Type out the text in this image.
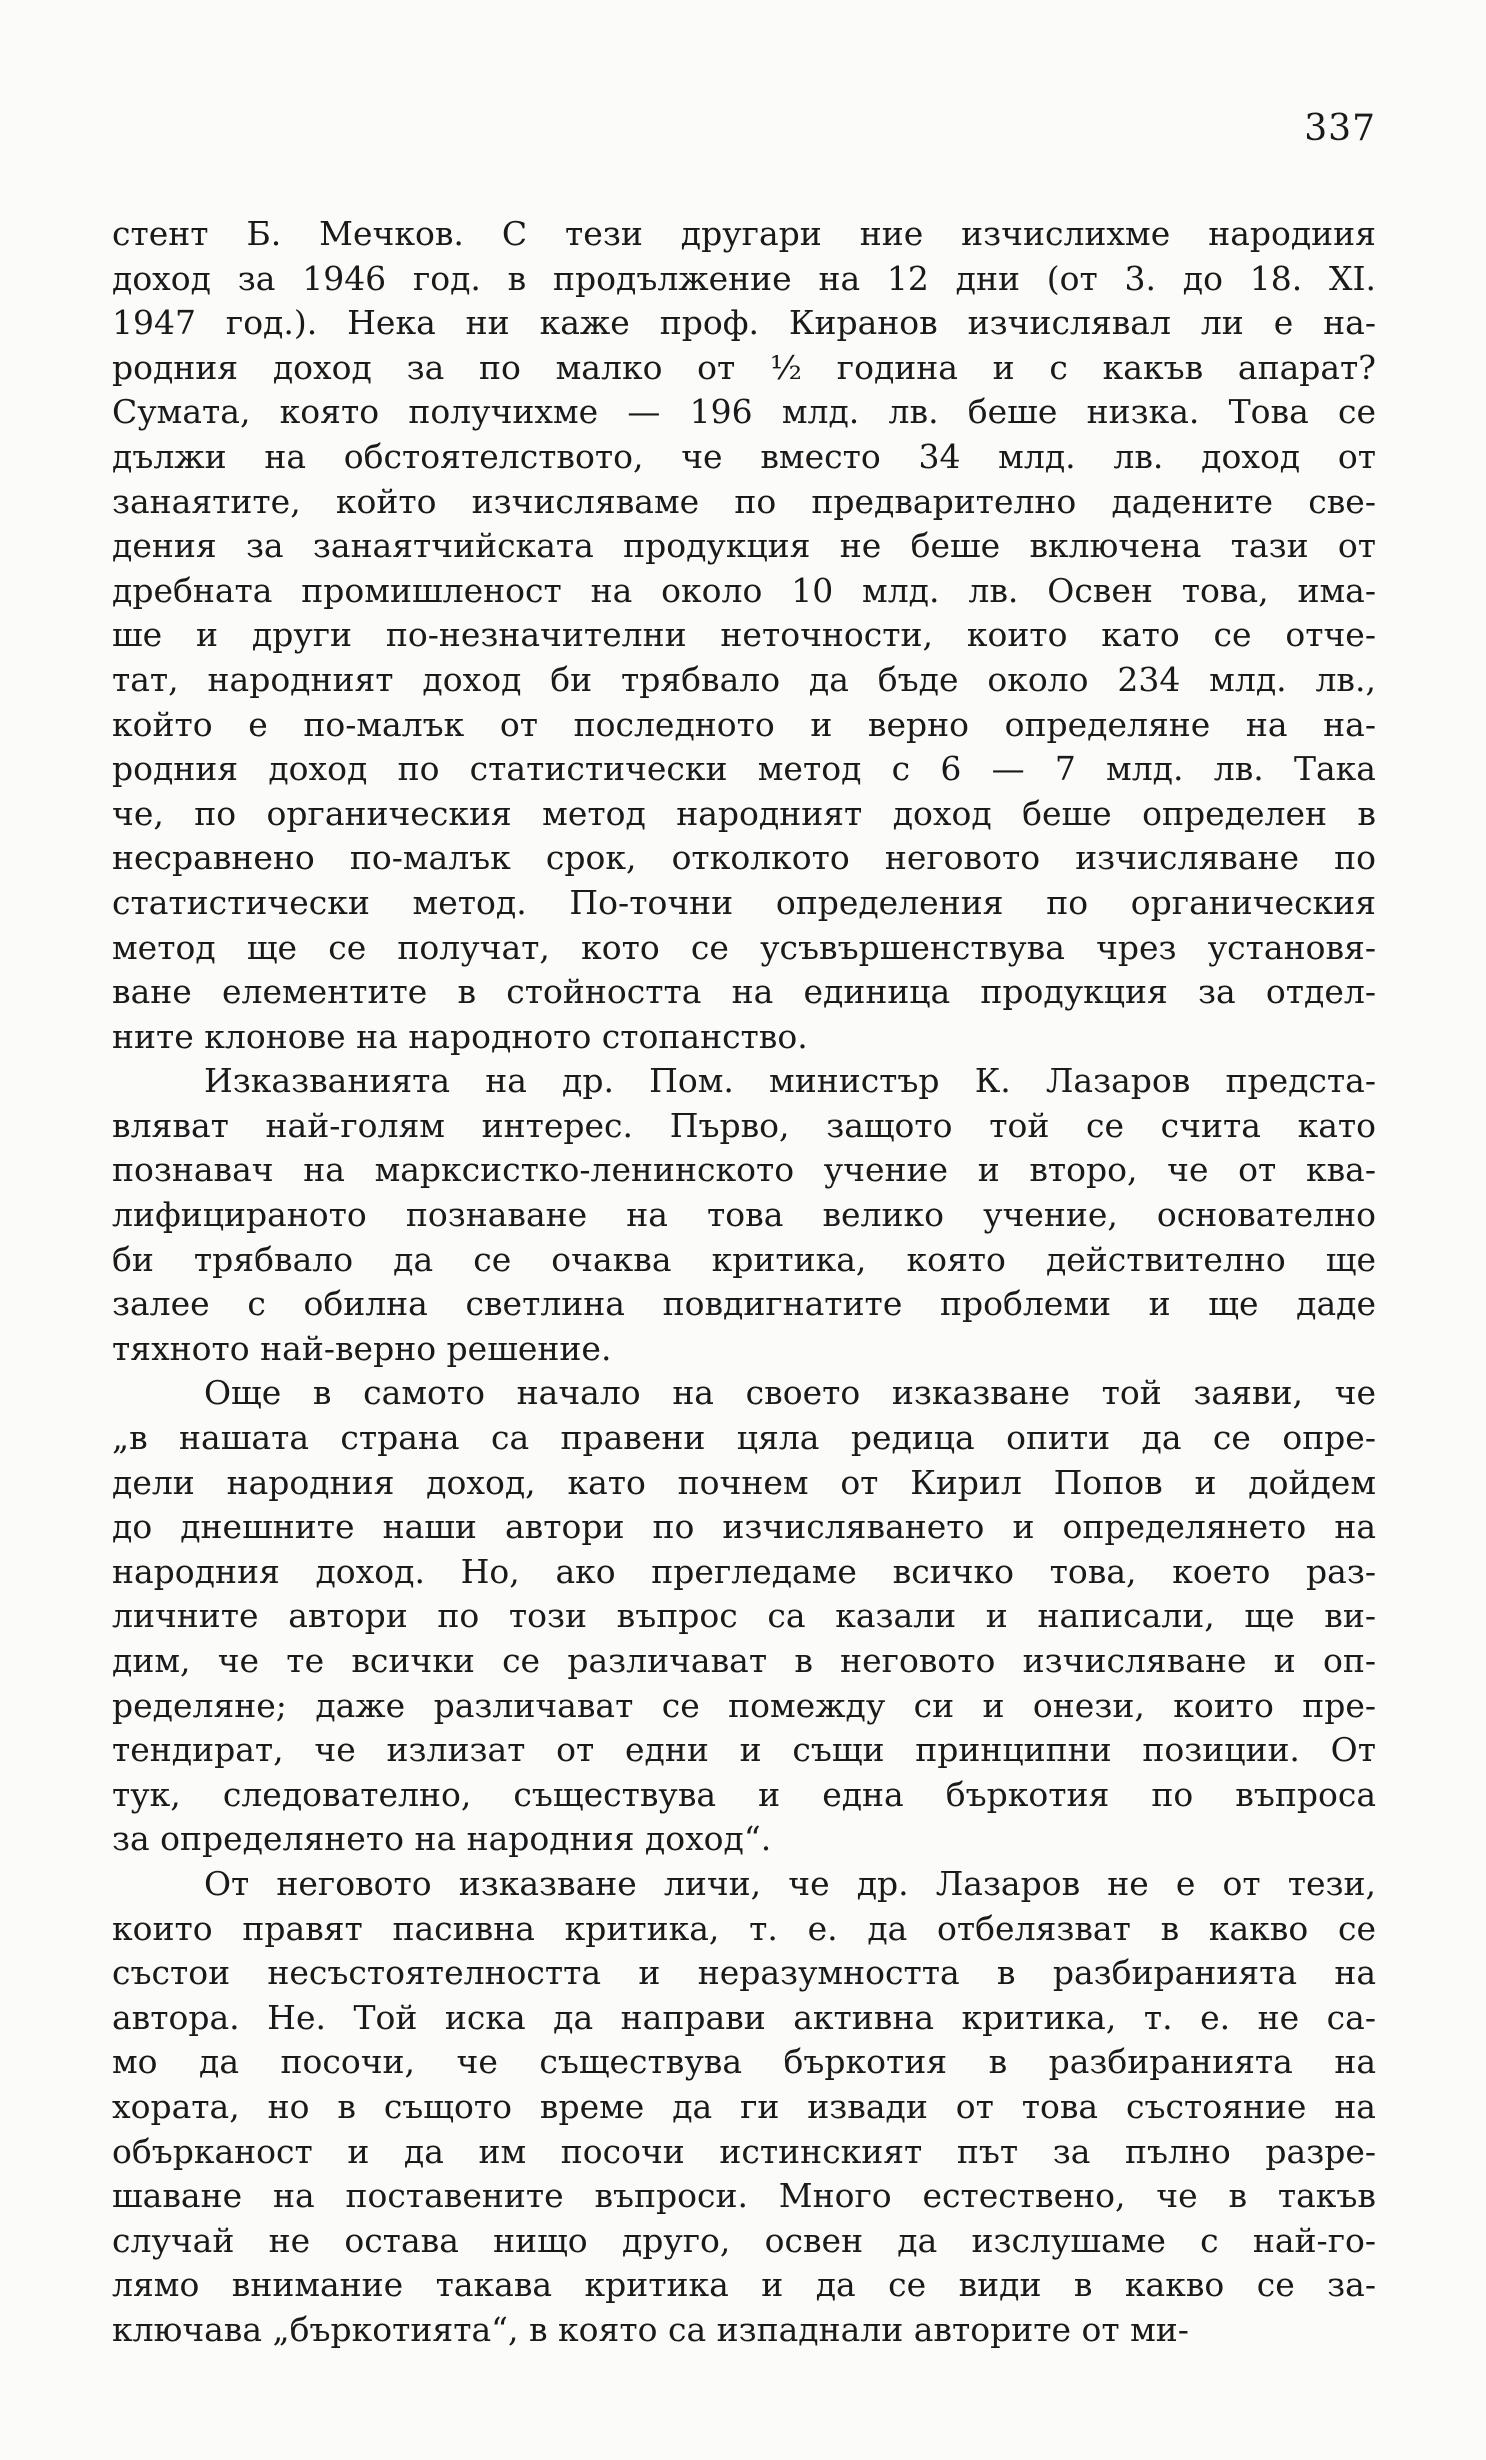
337
стент Б. Мечков. С тези другари ние изчислихме народиия
доход за 1946 год. в продължение на 12 дни (от 3. до 18. XI.
1947 год.). Нека ни каже проф. Киранов изчислявал ли е на-
родния доход за по малко от ½ година и с какъв апарат?
Сумата, която получихме — 196 млд. лв. беше низка. Това се
дължи на обстоятелството, че вместо 34 млд. лв. доход от
занаятите, който изчисляваме по предварително дадените све-
дения за занаятчийската продукция не беше включена тази от
дребната промишленост на около 10 млд. лв. Освен това, има-
ше и други по-незначителни неточности, които като се отче-
тат, народният доход би трябвало да бъде около 234 млд. лв.,
който е по-малък от последното и верно определяне на на-
родния доход по статистически метод с 6 — 7 млд. лв. Така
че, по органическия метод народният доход беше определен в
несравнено по-малък срок, отколкото неговото изчисляване по
статистически метод. По-точни определения по органическия
метод ще се получат, кото се усъвършенствува чрез установя-
ване елементите в стойността на единица продукция за отдел-
ните клонове на народното стопанство.
Изказванията на др. Пом. министър К. Лазаров предста-
вляват най-голям интерес. Първо, защото той се счита като
познавач на марксистко-ленинското учение и второ, че от ква-
лифицираното познаване на това велико учение, основателно
би трябвало да се очаква критика, която действително ще
залее с обилна светлина повдигнатите проблеми и ще даде
тяхното най-верно решение.
Още в самото начало на своето изказване той заяви, че
„в нашата страна са правени цяла редица опити да се опре-
дели народния доход, като почнем от Кирил Попов и дойдем
до днешните наши автори по изчисляването и определянето на
народния доход. Но, ако прегледаме всичко това, което раз-
личните автори по този въпрос са казали и написали, ще ви-
дим, че те всички се различават в неговото изчисляване и оп-
ределяне; даже различават се помежду си и онези, които пре-
тендират, че излизат от едни и същи принципни позиции. От
тук, следователно, съществува и една бъркотия по въпроса
за определянето на народния доход“.
От неговото изказване личи, че др. Лазаров не е от тези,
които правят пасивна критика, т. е. да отбелязват в какво се
състои несъстоятелността и неразумността в разбиранията на
автора. Не. Той иска да направи активна критика, т. е. не са-
мо да посочи, че съществува бъркотия в разбиранията на
хората, но в същото време да ги извади от това състояние на
обърканост и да им посочи истинският път за пълно разре-
шаване на поставените въпроси. Много естествено, че в такъв
случай не остава нищо друго, освен да изслушаме с най-го-
лямо внимание такава критика и да се види в какво се за-
ключава „бъркотията“, в която са изпаднали авторите от ми-
